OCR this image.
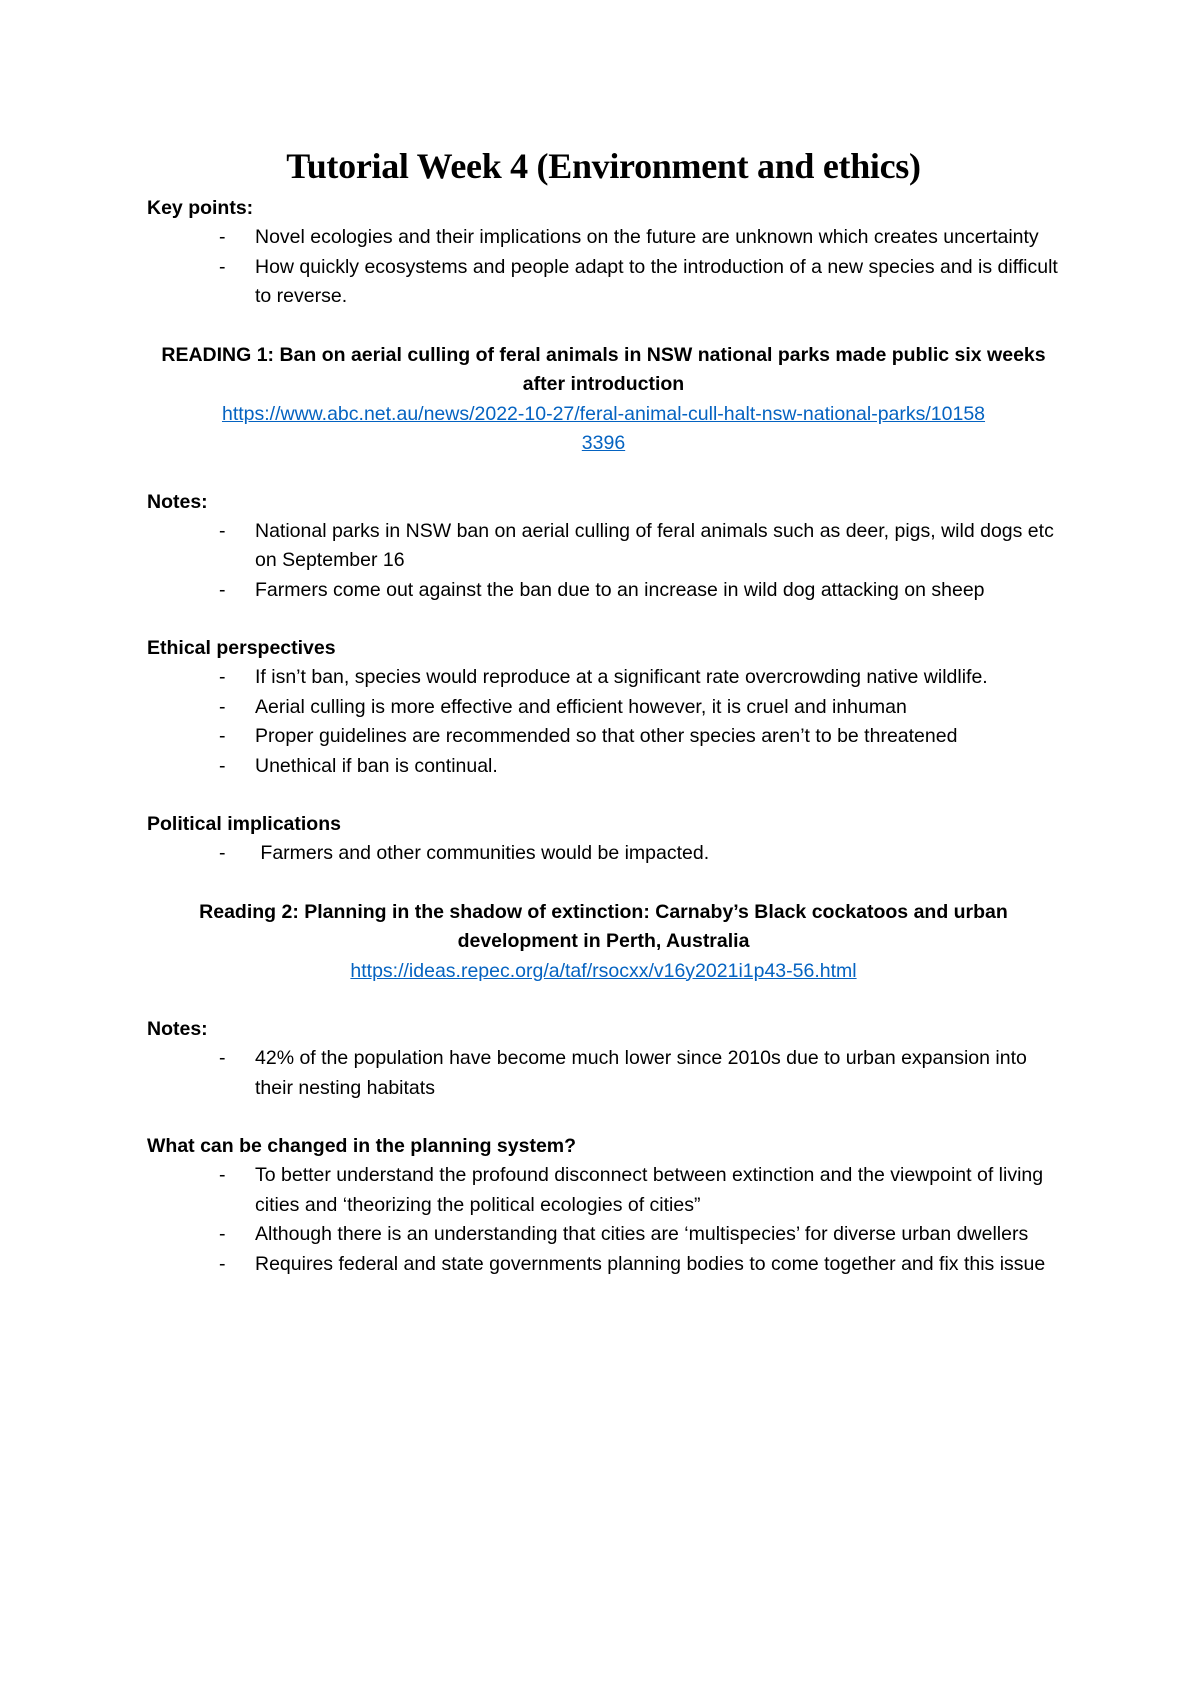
Tutorial Week 4 (Environment and ethics)

Key points:

- Novel ecologies and their implications on the future are unknown which creates uncertainty
- How quickly ecosystems and people adapt to the introduction of a new species and is difficult to reverse.
READING 1: Ban on aerial culling of feral animals in NSW national parks made public six weeks after introduction
https://www.abc.net.au/news/2022-10-27/feral-animal-cull-halt-nsw-national-parks/101583396

Notes:

- National parks in NSW ban on aerial culling of feral animals such as deer, pigs, wild dogs etc on September 16
- Farmers come out against the ban due to an increase in wild dog attacking on sheep

Ethical perspectives

- If isn’t ban, species would reproduce at a significant rate overcrowding native wildlife.
- Aerial culling is more effective and efficient however, it is cruel and inhuman
- Proper guidelines are recommended so that other species aren’t to be threatened
- Unethical if ban is continual.

Political implications

-  Farmers and other communities would be impacted.
Reading 2: Planning in the shadow of extinction: Carnaby’s Black cockatoos and urban development in Perth, Australia
https://ideas.repec.org/a/taf/rsocxx/v16y2021i1p43-56.html

Notes:

- 42% of the population have become much lower since 2010s due to urban expansion into their nesting habitats

What can be changed in the planning system?

- To better understand the profound disconnect between extinction and the viewpoint of living cities and ‘theorizing the political ecologies of cities”
- Although there is an understanding that cities are ‘multispecies’ for diverse urban dwellers
- Requires federal and state governments planning bodies to come together and fix this issue
